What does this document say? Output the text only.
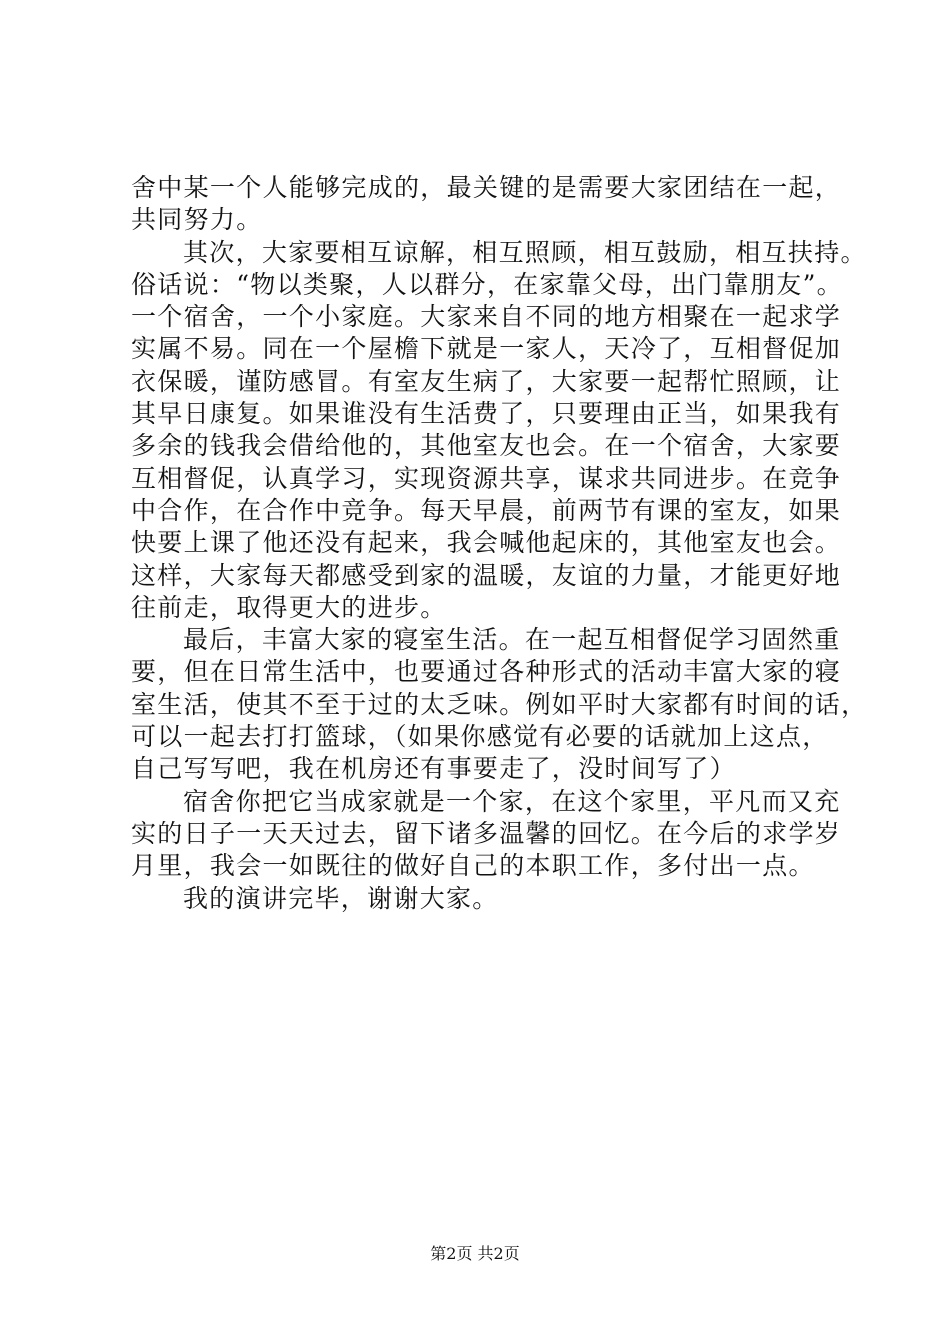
舍中某一个人能够完成的，最关键的是需要大家团结在一起，
共同努力。
其次，大家要相互谅解，相互照顾，相互鼓励，相互扶持。
俗话说：“物以类聚，人以群分，在家靠父母，出门靠朋友”。
一个宿舍，一个小家庭。大家来自不同的地方相聚在一起求学
实属不易。同在一个屋檐下就是一家人，天冷了，互相督促加
衣保暖，谨防感冒。有室友生病了，大家要一起帮忙照顾，让
其早日康复。如果谁没有生活费了，只要理由正当，如果我有
多余的钱我会借给他的，其他室友也会。在一个宿舍，大家要
互相督促，认真学习，实现资源共享，谋求共同进步。在竞争
中合作，在合作中竞争。每天早晨，前两节有课的室友，如果
快要上课了他还没有起来，我会喊他起床的，其他室友也会。
这样，大家每天都感受到家的温暖，友谊的力量，才能更好地
往前走，取得更大的进步。
最后，丰富大家的寝室生活。在一起互相督促学习固然重
要，但在日常生活中，也要通过各种形式的活动丰富大家的寝
室生活，使其不至于过的太乏味。例如平时大家都有时间的话，
可以一起去打打篮球，（如果你感觉有必要的话就加上这点，
自己写写吧，我在机房还有事要走了，没时间写了）
宿舍你把它当成家就是一个家，在这个家里，平凡而又充
实的日子一天天过去，留下诸多温馨的回忆。在今后的求学岁
月里，我会一如既往的做好自己的本职工作，多付出一点。
我的演讲完毕，谢谢大家。
第2页 共2页
